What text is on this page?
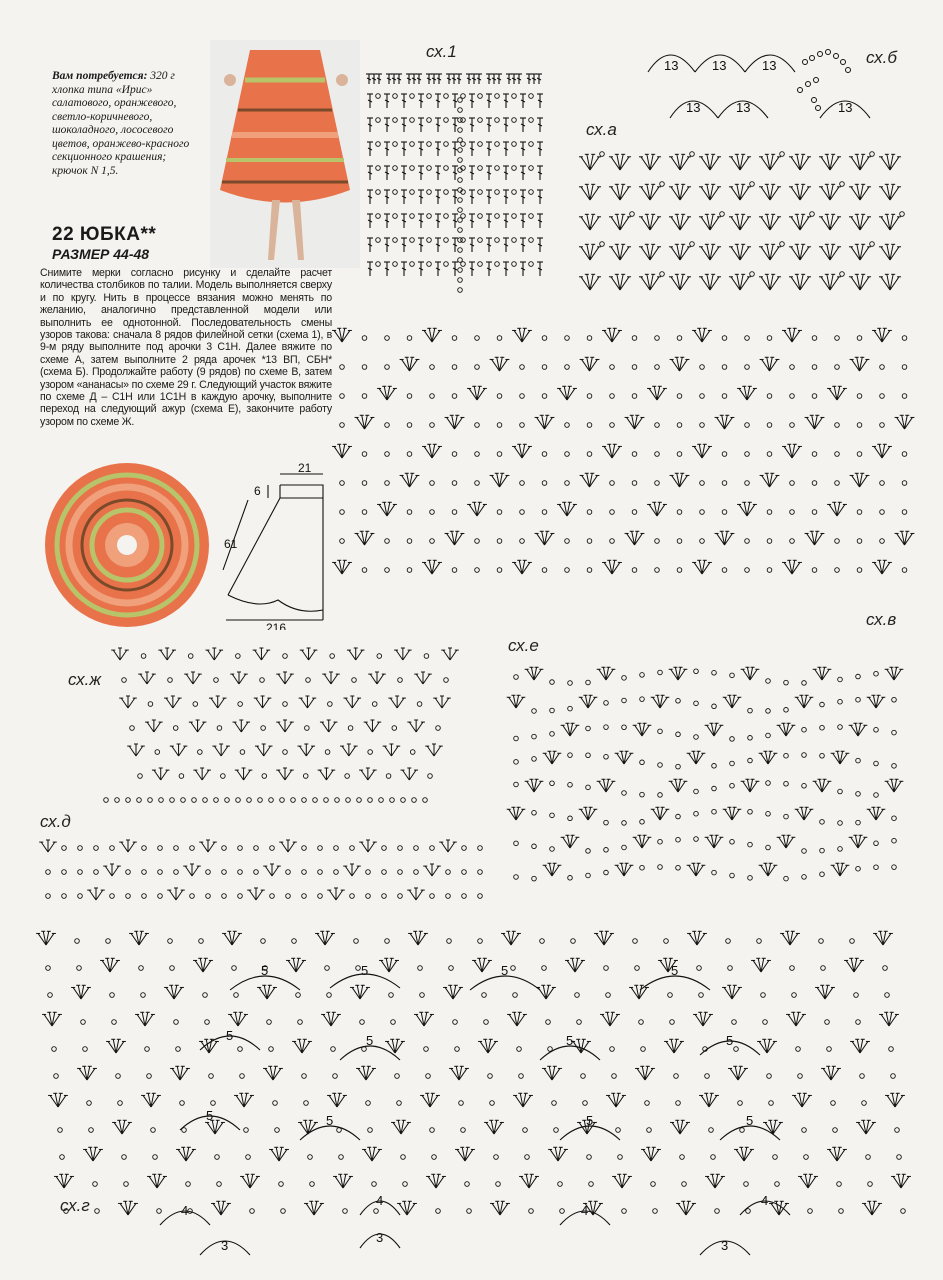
Вам потребуется: 320 г хлопка типа «Ирис» салатового, оранжевого, светло-коричневого, шоколадного, лососевого цветов, оранжево-красного секционного крашения; крючок N 1,5.
22 ЮБКА**
РАЗМЕР 44-48
Снимите мерки согласно рисунку и сделайте расчет количества столбиков по талии. Модель выполняется сверху и по кругу. Нить в процессе вязания можно менять по желанию, аналогично представленной модели или выполнить ее однотонной. Последовательность смены узоров такова: сначала 8 рядов филейной сетки (схема 1), в 9-м ряду выполните под арочки 3 С1Н. Далее вяжите по схеме А, затем выполните 2 ряда арочек *13 ВП, СБН*(схема Б). Продолжайте работу (9 рядов) по схеме В, затем узором «ананасы» по схеме 29 г. Следующий участок вяжите по схеме Д – С1Н или 1С1Н в каждую арочку, выполните переход на следующий ажур (схема Е), закончите работу узором по схеме Ж.
21
6
61
216
сх.1	сх.б
сх.а
сх.в
сх.е
сх.ж
сх.д
сх.г
13	13	13
13	13	13
5	5	5	5
5	5	5	5
5	5	5	5
4
4
4
4
3
3
3
